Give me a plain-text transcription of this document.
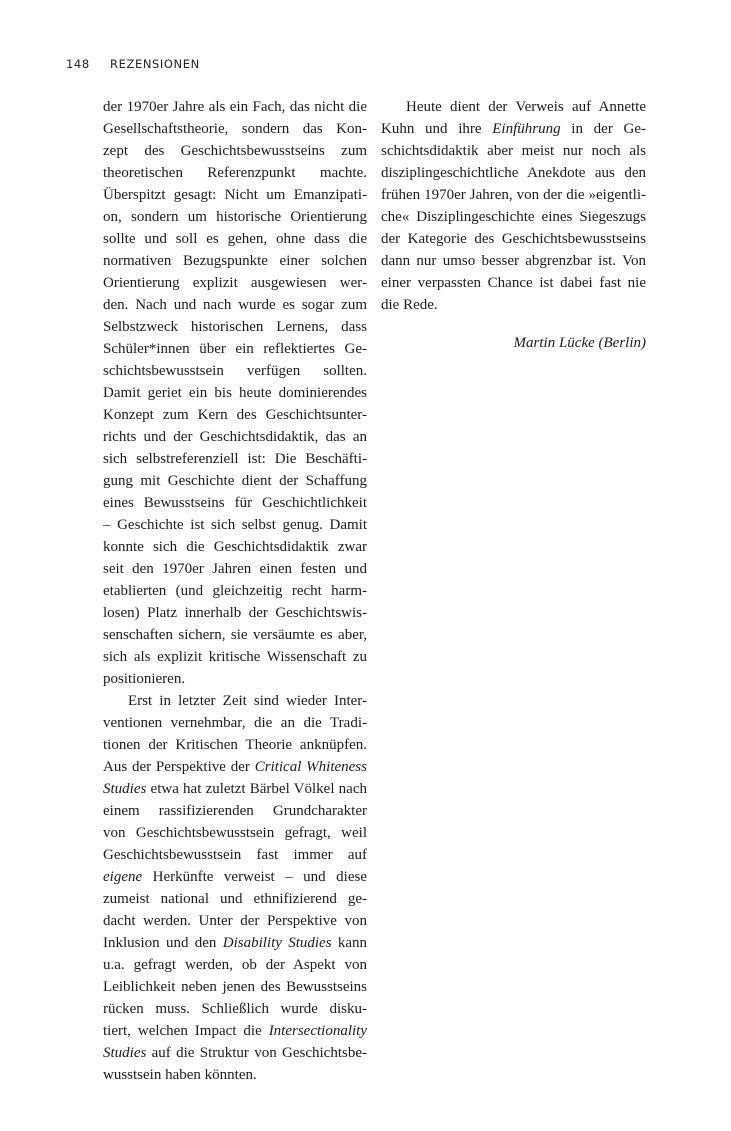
148 REZENSIONEN
der 1970er Jahre als ein Fach, das nicht die
Gesellschaftstheorie, sondern das Kon-
zept des Geschichtsbewusstseins zum
theoretischen Referenzpunkt machte.
Überspitzt gesagt: Nicht um Emanzipati-
on, sondern um historische Orientierung
sollte und soll es gehen, ohne dass die
normativen Bezugspunkte einer solchen
Orientierung explizit ausgewiesen wer-
den. Nach und nach wurde es sogar zum
Selbstzweck historischen Lernens, dass
Schüler*innen über ein reflektiertes Ge-
schichtsbewusstsein verfügen sollten.
Damit geriet ein bis heute dominierendes
Konzept zum Kern des Geschichtsunter-
richts und der Geschichtsdidaktik, das an
sich selbstreferenziell ist: Die Beschäfti-
gung mit Geschichte dient der Schaffung
eines Bewusstseins für Geschichtlichkeit
– Geschichte ist sich selbst genug. Damit
konnte sich die Geschichtsdidaktik zwar
seit den 1970er Jahren einen festen und
etablierten (und gleichzeitig recht harm-
losen) Platz innerhalb der Geschichtswis-
senschaften sichern, sie versäumte es aber,
sich als explizit kritische Wissenschaft zu
positionieren.
Erst in letzter Zeit sind wieder Inter-
ventionen vernehmbar, die an die Tradi-
tionen der Kritischen Theorie anknüpfen.
Aus der Perspektive der Critical Whiteness
Studies etwa hat zuletzt Bärbel Völkel nach
einem rassifizierenden Grundcharakter
von Geschichtsbewusstsein gefragt, weil
Geschichtsbewusstsein fast immer auf
eigene Herkünfte verweist – und diese
zumeist national und ethnifizierend ge-
dacht werden. Unter der Perspektive von
Inklusion und den Disability Studies kann
u.a. gefragt werden, ob der Aspekt von
Leiblichkeit neben jenen des Bewusstseins
rücken muss. Schließlich wurde disku-
tiert, welchen Impact die Intersectionality
Studies auf die Struktur von Geschichtsbe-
wusstsein haben könnten.
Heute dient der Verweis auf Annette
Kuhn und ihre Einführung in der Ge-
schichtsdidaktik aber meist nur noch als
disziplingeschichtliche Anekdote aus den
frühen 1970er Jahren, von der die »eigentli-
che« Disziplingeschichte eines Siegeszugs
der Kategorie des Geschichtsbewusstseins
dann nur umso besser abgrenzbar ist. Von
einer verpassten Chance ist dabei fast nie
die Rede.
Martin Lücke (Berlin)
